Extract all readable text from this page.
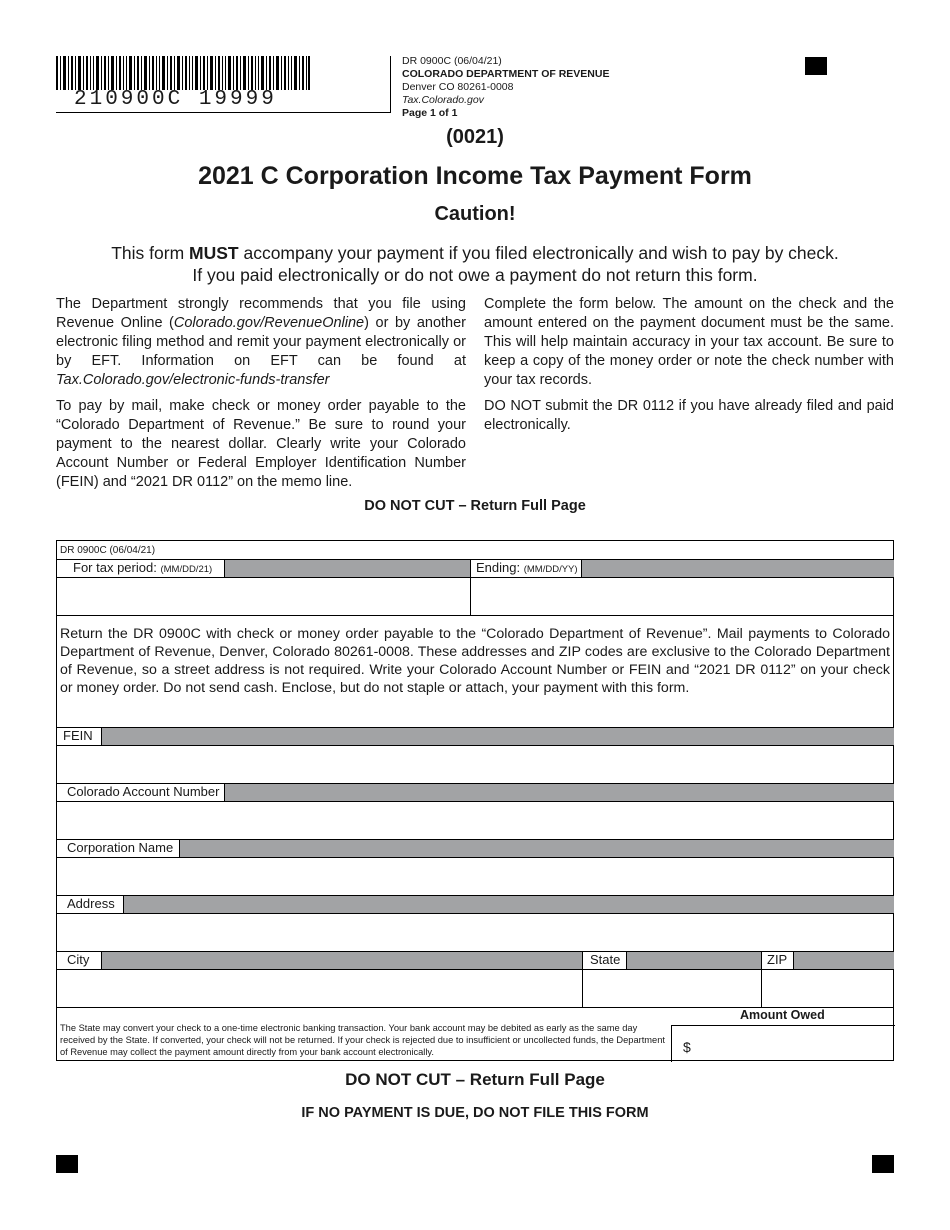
210900C 19999
DR 0900C (06/04/21)
COLORADO DEPARTMENT OF REVENUE
Denver CO 80261-0008
Tax.Colorado.gov
Page 1 of 1
(0021)
2021 C Corporation Income Tax Payment Form
Caution!
This form MUST accompany your payment if you filed electronically and wish to pay by check.
If you paid electronically or do not owe a payment do not return this form.

The Department strongly recommends that you file using Revenue Online (Colorado.gov/RevenueOnline) or by another electronic filing method and remit your payment electronically or by EFT. Information on EFT can be found at Tax.Colorado.gov/electronic-funds-transfer

To pay by mail, make check or money order payable to the “Colorado Department of Revenue.” Be sure to round your payment to the nearest dollar. Clearly write your Colorado Account Number or Federal Employer Identification Number (FEIN) and “2021 DR 0112” on the memo line.

Complete the form below. The amount on the check and the amount entered on the payment document must be the same. This will help maintain accuracy in your tax account. Be sure to keep a copy of the money order or note the check number with your tax records.

DO NOT submit the DR 0112 if you have already filed and paid electronically.

DO NOT CUT – Return Full Page
DR 0900C (06/04/21)
For tax period: (MM/DD/21)	Ending: (MM/DD/YY)
Return the DR 0900C with check or money order payable to the “Colorado Department of Revenue”. Mail payments to Colorado Department of Revenue, Denver, Colorado 80261-0008. These addresses and ZIP codes are exclusive to the Colorado Department of Revenue, so a street address is not required. Write your Colorado Account Number or FEIN and “2021 DR 0112” on your check or money order. Do not send cash. Enclose, but do not staple or attach, your payment with this form.
FEIN
Colorado Account Number
Corporation Name
Address
City	State	ZIP
Amount Owed
$
The State may convert your check to a one-time electronic banking transaction. Your bank account may be debited as early as the same day received by the State. If converted, your check will not be returned. If your check is rejected due to insufficient or uncollected funds, the Department of Revenue may collect the payment amount directly from your bank account electronically.
DO NOT CUT – Return Full Page
IF NO PAYMENT IS DUE, DO NOT FILE THIS FORM
